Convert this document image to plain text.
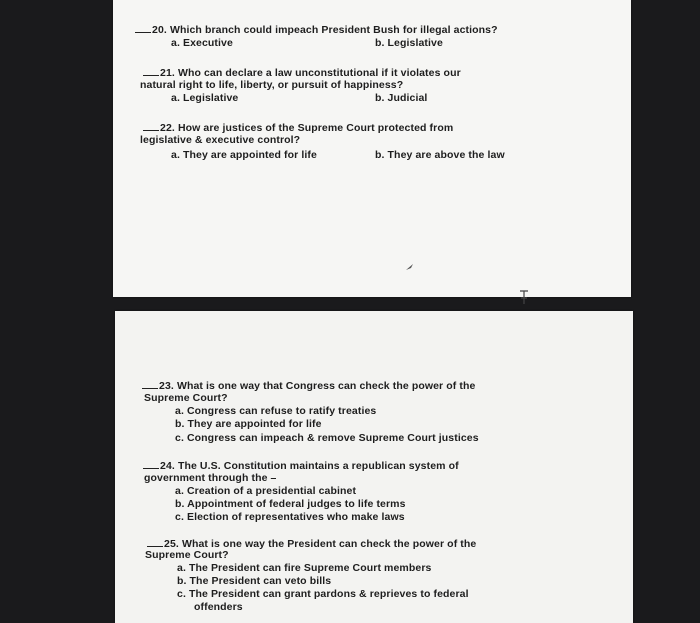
20. Which branch could impeach President Bush for illegal actions?
a. Executive	b. Legislative
21. Who can declare a law unconstitutional if it violates our
natural right to life, liberty, or pursuit of happiness?
a. Legislative	b. Judicial
22. How are justices of the Supreme Court protected from
legislative & executive control?
a. They are appointed for life	b. They are above the law
23. What is one way that Congress can check the power of the
Supreme Court?
a. Congress can refuse to ratify treaties
b. They are appointed for life
c. Congress can impeach & remove Supreme Court justices
24. The U.S. Constitution maintains a republican system of
government through the –
a. Creation of a presidential cabinet
b. Appointment of federal judges to life terms
c. Election of representatives who make laws
25. What is one way the President can check the power of the
Supreme Court?
a. The President can fire Supreme Court members
b. The President can veto bills
c. The President can grant pardons & reprieves to federal
offenders
